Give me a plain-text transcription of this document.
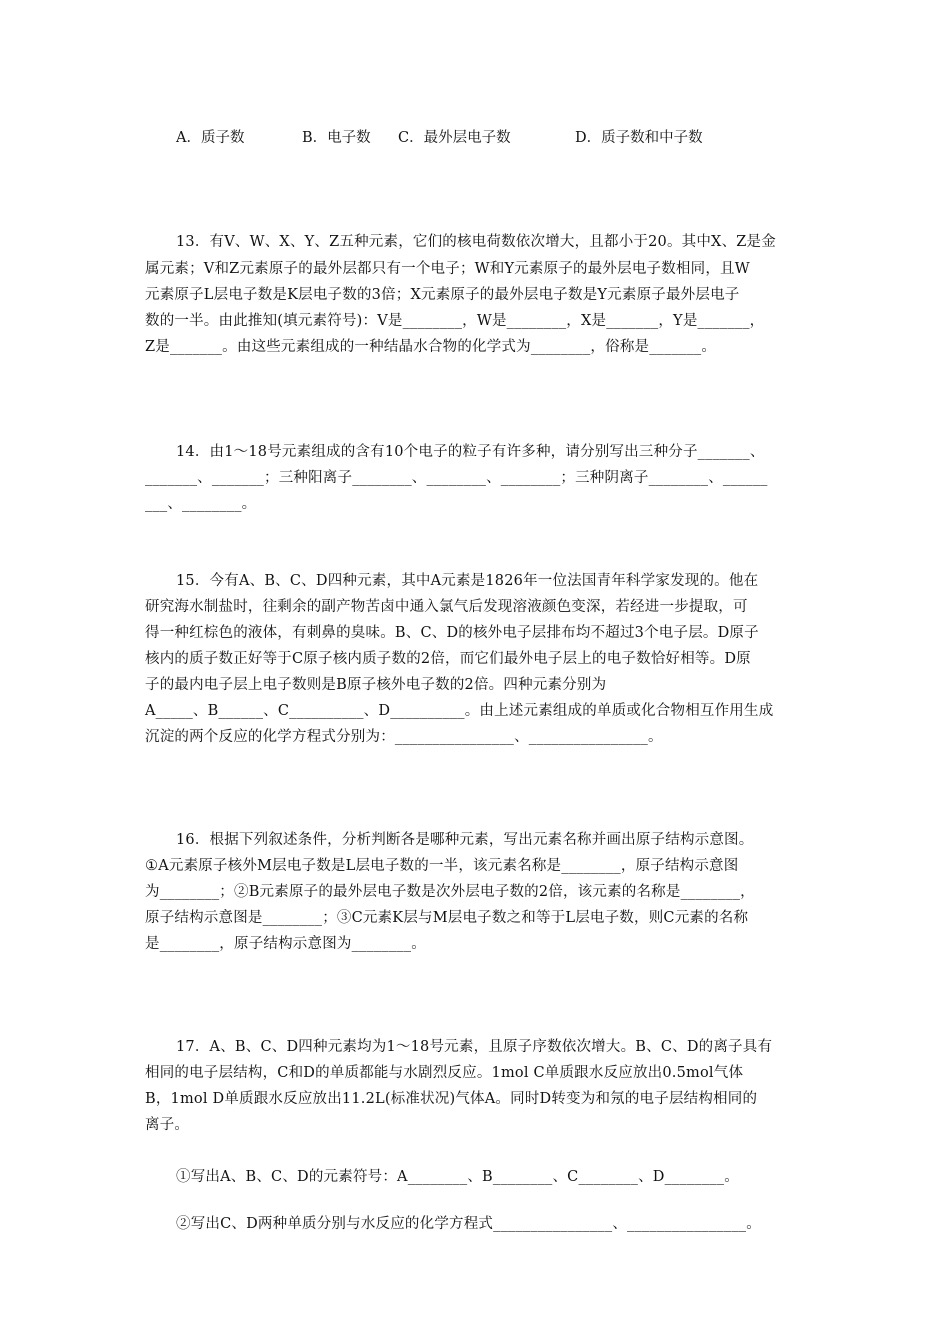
A．质子数	B．电子数 C．最外层电子数	D．质子数和中子数
13．有V、W、X、Y、Z五种元素，它们的核电荷数依次增大，且都小于20。其中X、Z是金
属元素；V和Z元素原子的最外层都只有一个电子；W和Y元素原子的最外层电子数相同，且W
元素原子L层电子数是K层电子数的3倍；X元素原子的最外层电子数是Y元素原子最外层电子
数的一半。由此推知(填元素符号)：V是________，W是________，X是_______，Y是_______，
Z是_______。由这些元素组成的一种结晶水合物的化学式为________，俗称是_______。
14．由1～18号元素组成的含有10个电子的粒子有许多种，请分别写出三种分子_______、
_______、_______；三种阳离子________、________、________；三种阴离子________、______
___、________。
15．今有A、B、C、D四种元素，其中A元素是1826年一位法国青年科学家发现的。他在
研究海水制盐时，往剩余的副产物苦卤中通入氯气后发现溶液颜色变深，若经进一步提取，可
得一种红棕色的液体，有刺鼻的臭味。B、C、D的核外电子层排布均不超过3个电子层。D原子
核内的质子数正好等于C原子核内质子数的2倍，而它们最外电子层上的电子数恰好相等。D原
子的最内电子层上电子数则是B原子核外电子数的2倍。四种元素分别为
A_____、B______、C__________、D__________。由上述元素组成的单质或化合物相互作用生成
沉淀的两个反应的化学方程式分别为：________________、________________。
16．根据下列叙述条件，分析判断各是哪种元素，写出元素名称并画出原子结构示意图。
①A元素原子核外M层电子数是L层电子数的一半，该元素名称是________，原子结构示意图
为________；②B元素原子的最外层电子数是次外层电子数的2倍，该元素的名称是________，
原子结构示意图是________；③C元素K层与M层电子数之和等于L层电子数，则C元素的名称
是________，原子结构示意图为________。
17．A、B、C、D四种元素均为1～18号元素，且原子序数依次增大。B、C、D的离子具有
相同的电子层结构，C和D的单质都能与水剧烈反应。1mol C单质跟水反应放出0.5mol气体
B，1mol D单质跟水反应放出11.2L(标准状况)气体A。同时D转变为和氖的电子层结构相同的
离子。
①写出A、B、C、D的元素符号：A________、B________、C________、D________。
②写出C、D两种单质分别与水反应的化学方程式________________、________________。
